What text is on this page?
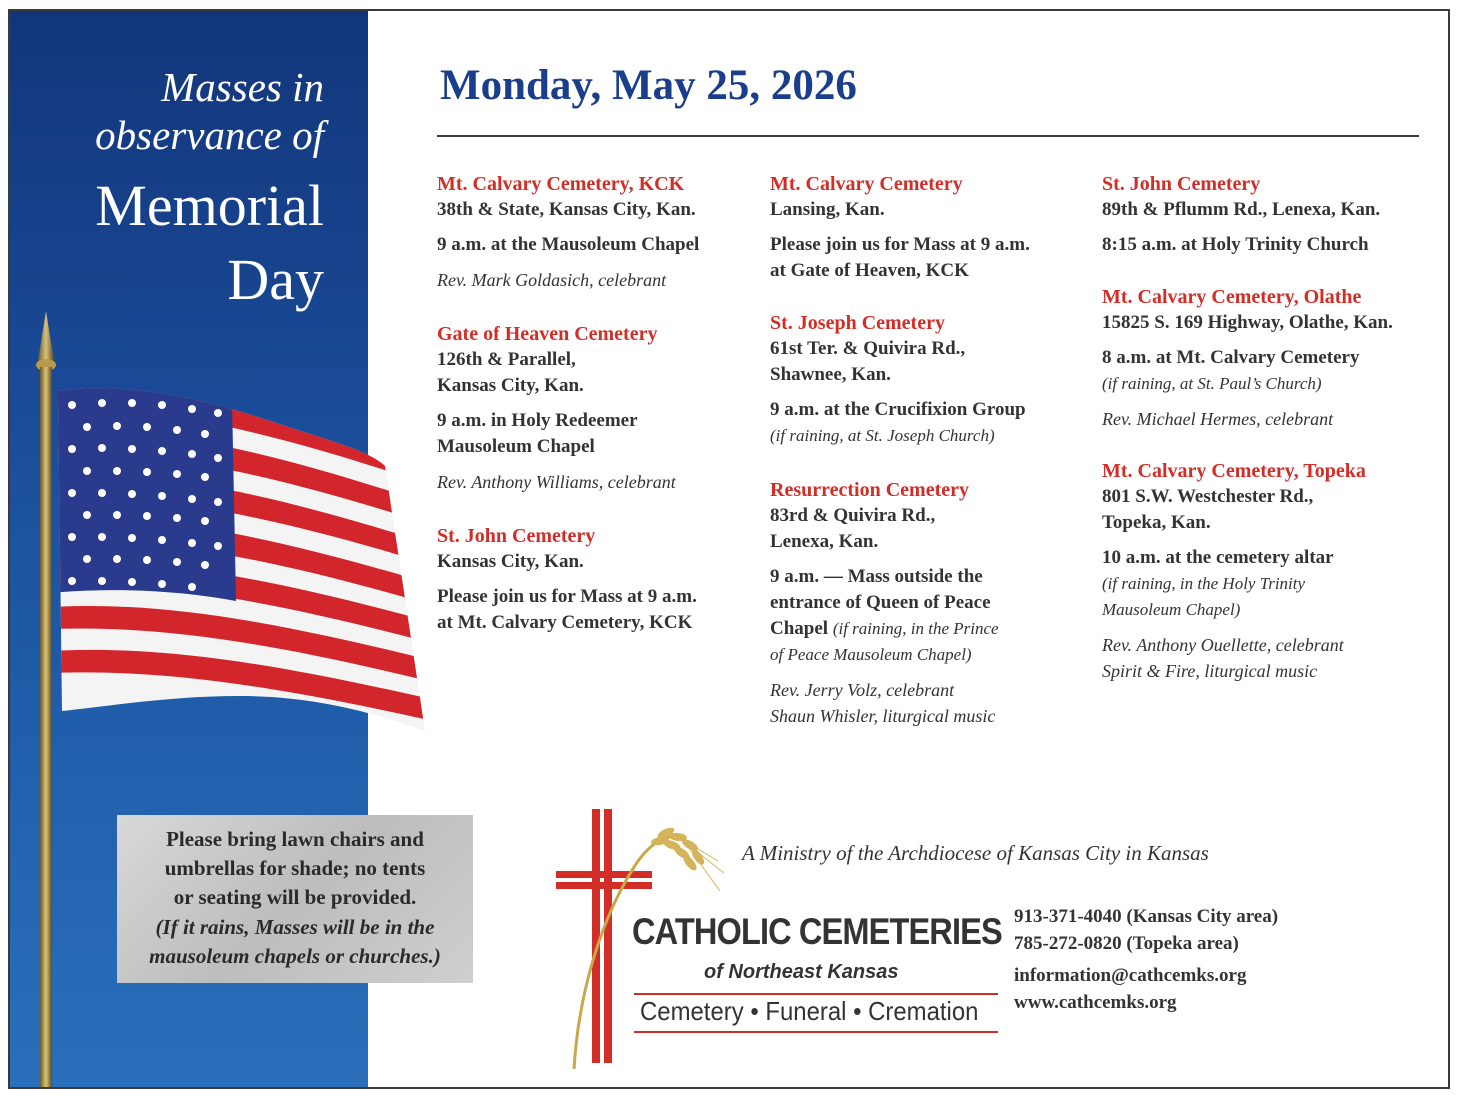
Masses in
observance of
Memorial
Day
Please bring lawn chairs and
umbrellas for shade; no tents
or seating will be provided.
(If it rains, Masses will be in the
mausoleum chapels or churches.)
Monday, May 25, 2026
Mt. Calvary Cemetery, KCK
38th & State, Kansas City, Kan.
9 a.m. at the Mausoleum Chapel
Rev. Mark Goldasich, celebrant
Gate of Heaven Cemetery
126th & Parallel,
Kansas City, Kan.
9 a.m. in Holy Redeemer
Mausoleum Chapel
Rev. Anthony Williams, celebrant
St. John Cemetery
Kansas City, Kan.
Please join us for Mass at 9 a.m.
at Mt. Calvary Cemetery, KCK
Mt. Calvary Cemetery
Lansing, Kan.
Please join us for Mass at 9 a.m.
at Gate of Heaven, KCK
St. Joseph Cemetery
61st Ter. & Quivira Rd.,
Shawnee, Kan.
9 a.m. at the Crucifixion Group
(if raining, at St. Joseph Church)
Resurrection Cemetery
83rd & Quivira Rd.,
Lenexa, Kan.
9 a.m. — Mass outside the
entrance of Queen of Peace
Chapel (if raining, in the Prince
of Peace Mausoleum Chapel)
Rev. Jerry Volz, celebrant
Shaun Whisler, liturgical music
St. John Cemetery
89th & Pflumm Rd., Lenexa, Kan.
8:15 a.m. at Holy Trinity Church
Mt. Calvary Cemetery, Olathe
15825 S. 169 Highway, Olathe, Kan.
8 a.m. at Mt. Calvary Cemetery
(if raining, at St. Paul’s Church)
Rev. Michael Hermes, celebrant
Mt. Calvary Cemetery, Topeka
801 S.W. Westchester Rd.,
Topeka, Kan.
10 a.m. at the cemetery altar
(if raining, in the Holy Trinity
Mausoleum Chapel)
Rev. Anthony Ouellette, celebrant
Spirit & Fire, liturgical music
A Ministry of the Archdiocese of Kansas City in Kansas
CATHOLIC CEMETERIES
of Northeast Kansas
Cemetery • Funeral • Cremation
913-371-4040 (Kansas City area)
785-272-0820 (Topeka area)
information@cathcemks.org
www.cathcemks.org
